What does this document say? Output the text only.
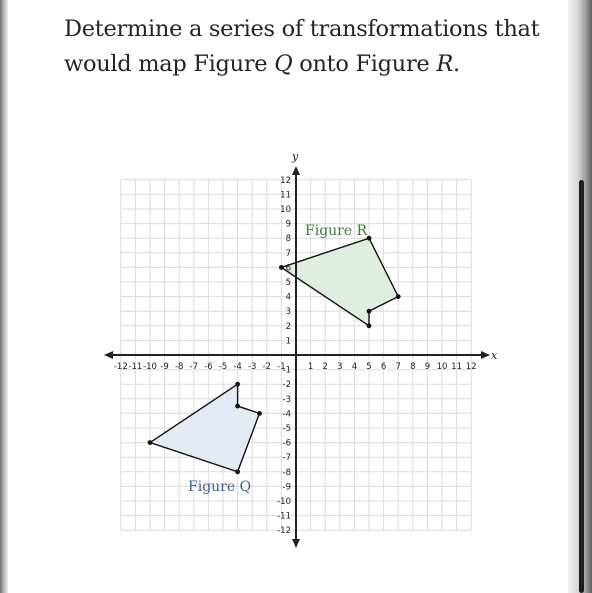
Determine a series of transformations that would map Figure Q onto Figure R.
Figure Q
Figure R
x
y
-12 -11 -10 -9 -8 -7 -6 -5 -4 -3 -2 -1	1 2 3 4 5 6 7 8 9 10 11 12
-12
-11
-10
-9
-8
-7
-6
-5
-4
-3
-2
-1
1
2
3
4
5
6
7
8
9
10
11
12
